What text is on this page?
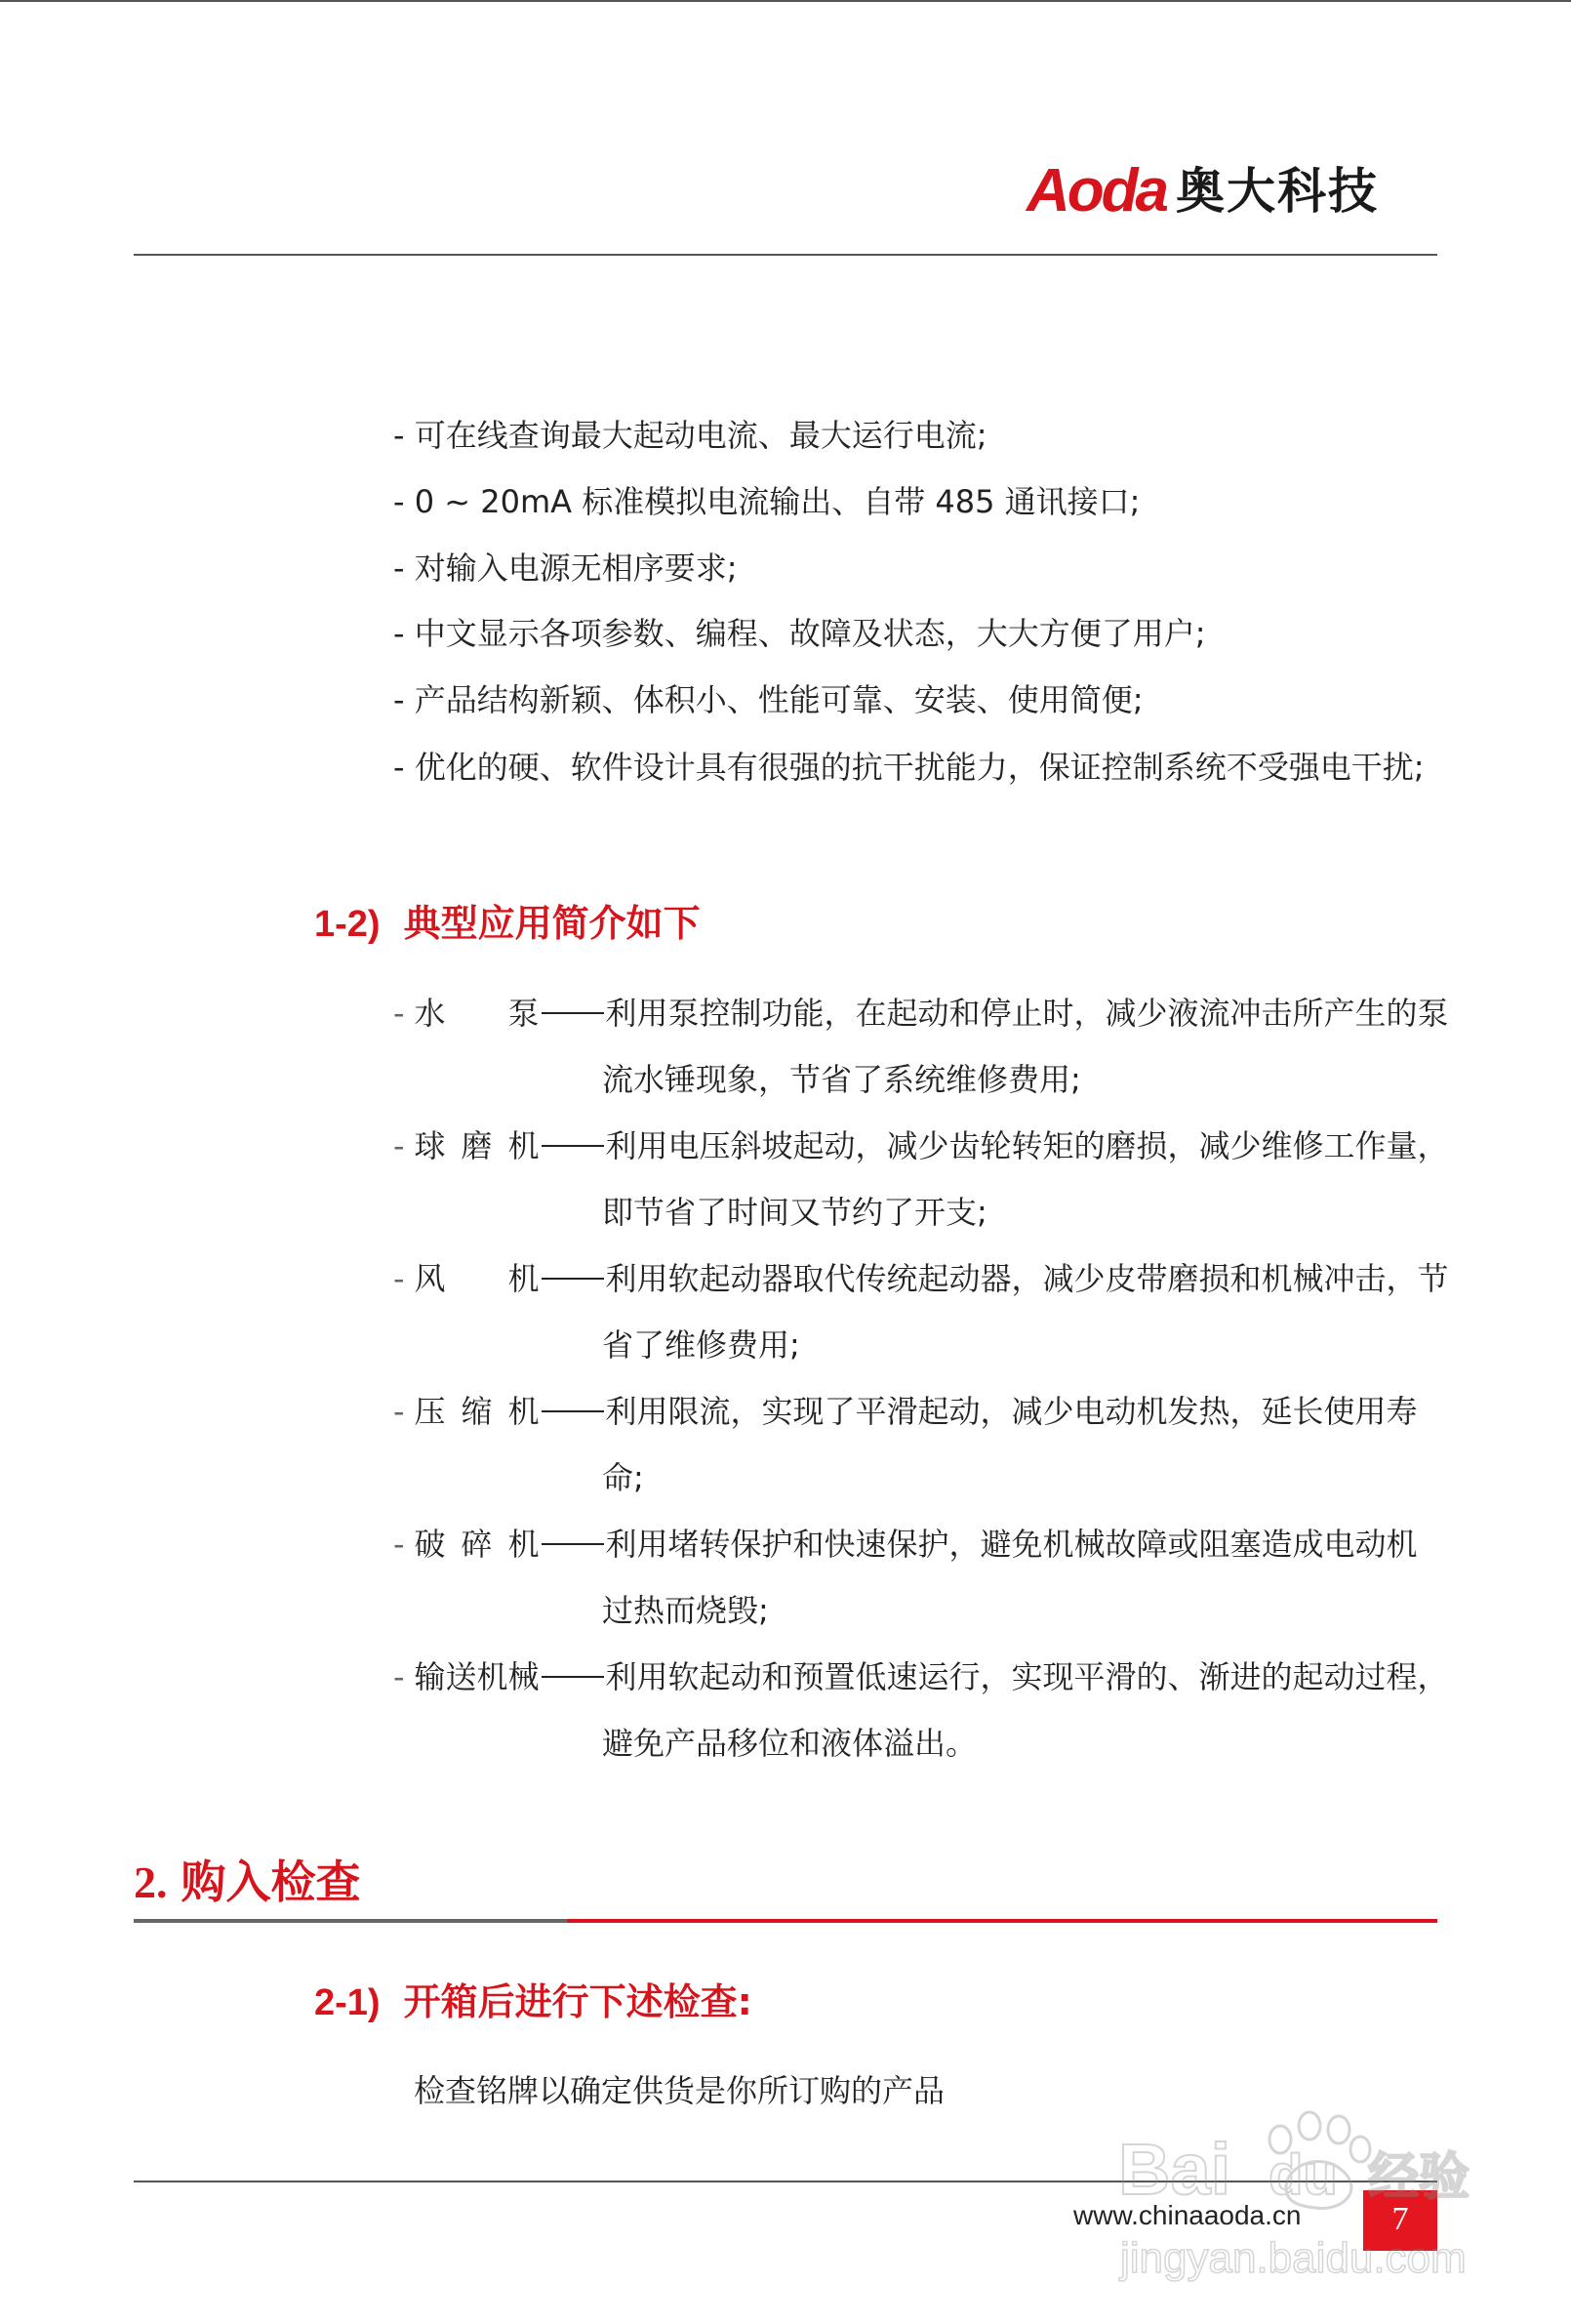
Aoda 奥大科技
- 可在线查询最大起动电流、最大运行电流;
- 0 ~ 20mA 标准模拟电流输出、自带 485 通讯接口;
- 对输入电源无相序要求;
- 中文显示各项参数、编程、故障及状态，大大方便了用户;
- 产品结构新颖、体积小、性能可靠、安装、使用简便;
- 优化的硬、软件设计具有很强的抗干扰能力，保证控制系统不受强电干扰;
1-2) 典型应用简介如下
- 水泵 利用泵控制功能，在起动和停止时，减少液流冲击所产生的泵
流水锤现象，节省了系统维修费用;
- 球磨机 利用电压斜坡起动，减少齿轮转矩的磨损，减少维修工作量，
即节省了时间又节约了开支;
- 风机 利用软起动器取代传统起动器，减少皮带磨损和机械冲击，节
省了维修费用;
- 压缩机 利用限流，实现了平滑起动，减少电动机发热，延长使用寿
命;
- 破碎机 利用堵转保护和快速保护，避免机械故障或阻塞造成电动机
过热而烧毁;
- 输送机械 利用软起动和预置低速运行，实现平滑的、渐进的起动过程，
避免产品移位和液体溢出。
2. 购入检查
2-1) 开箱后进行下述检查:
检查铭牌以确定供货是你所订购的产品
www.chinaaoda.cn	7
Bai du 经验
jingyan.baidu.com
